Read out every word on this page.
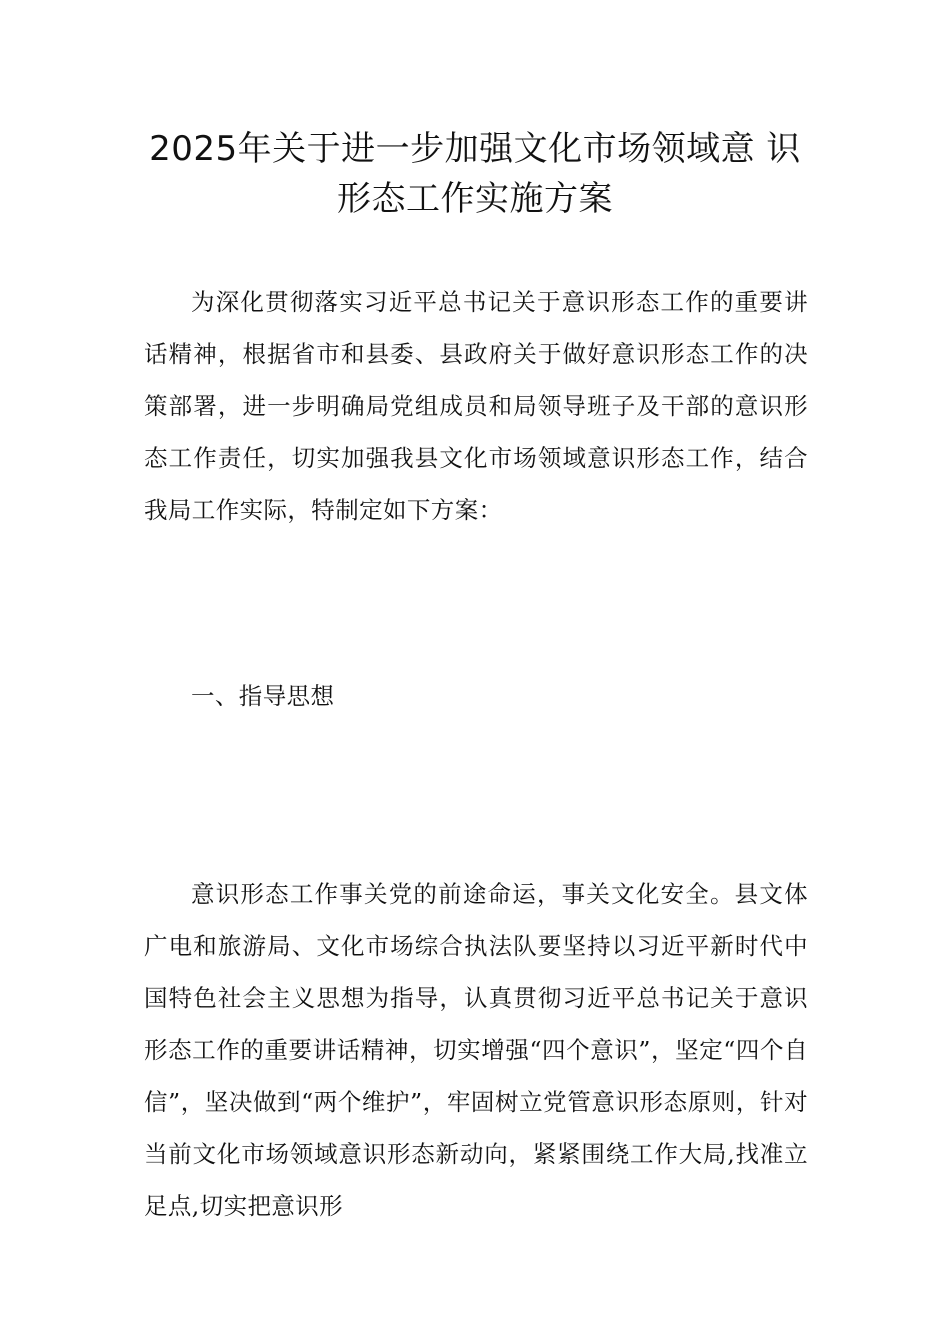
2025年关于进一步加强文化市场领域意 识
形态工作实施方案

为深化贯彻落实习近平总书记关于意识形态工作的重要讲话精神，根据省市和县委、县政府关于做好意识形态工作的决策部署，进一步明确局党组成员和局领导班子及干部的意识形态工作责任，切实加强我县文化市场领域意识形态工作，结合我局工作实际，特制定如下方案：

一、指导思想

意识形态工作事关党的前途命运，事关文化安全。县文体广电和旅游局、文化市场综合执法队要坚持以习近平新时代中国特色社会主义思想为指导，认真贯彻习近平总书记关于意识形态工作的重要讲话精神，切实增强“四个意识”，坚定“四个自信”，坚决做到“两个维护”，牢固树立党管意识形态原则，针对当前文化市场领域意识形态新动向，紧紧围绕工作大局,找准立足点,切实把意识形
